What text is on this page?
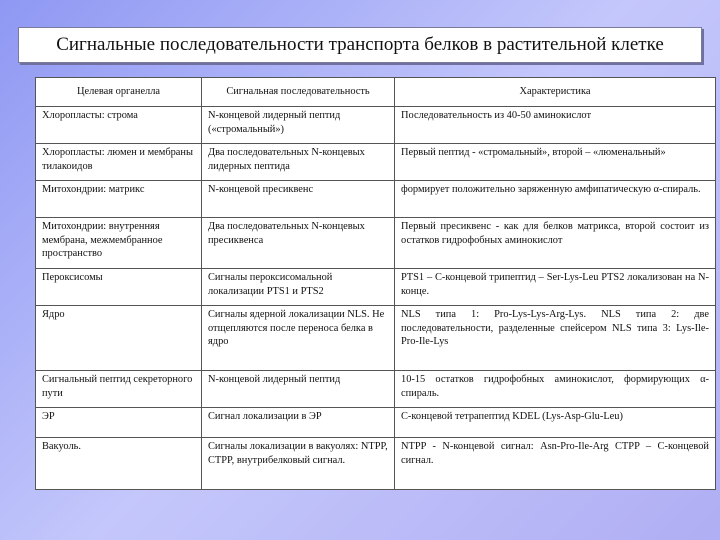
Сигнальные последовательности транспорта белков в растительной клетке
Целевая органелла	Сигнальная последовательность	Характеристика
Хлоропласты: строма	N-концевой лидерный пептид («стромальный»)	Последовательность из 40-50 аминокислот
Хлоропласты: люмен и мембраны тилакоидов	Два последовательных N-концевых лидерных пептида	Первый пептид - «стромальный», второй – «люменальный»
Митохондрии: матрикс	N-концевой пресиквенс	формирует положительно заряженную амфипатическую α-спираль.
Митохондрии: внутренняя мембрана, межмембранное пространство	Два последовательных N-концевых пресиквенса	Первый пресиквенс - как для белков матрикса, второй состоит из остатков гидрофобных аминокислот
Пероксисомы	Сигналы пероксисомальной локализации PTS1 и PTS2	PTS1 – C-концевой трипептид – Ser-Lys-Leu PTS2 локализован на N-конце.
Ядро	Сигналы ядерной локализации NLS. Не отщепляются после переноса белка в ядро	NLS типа 1: Pro-Lys-Lys-Arg-Lys. NLS типа 2: две последовательности, разделенные спейсером NLS типа 3: Lys-Ile-Pro-Ile-Lys
Сигнальный пептид секреторного пути	N-концевой лидерный пептид	10-15 остатков гидрофобных аминокислот, формирующих α-спираль.
ЭР	Сигнал локализации в ЭР	С-концевой тетрапептид KDEL (Lys-Asp-Glu-Leu)
Вакуоль.	Сигналы локализации в вакуолях: NTPP, CTPP, внутрибелковый сигнал.	NTPP - N-концевой сигнал: Asn-Pro-Ile-Arg CTPP – C-концевой сигнал.
